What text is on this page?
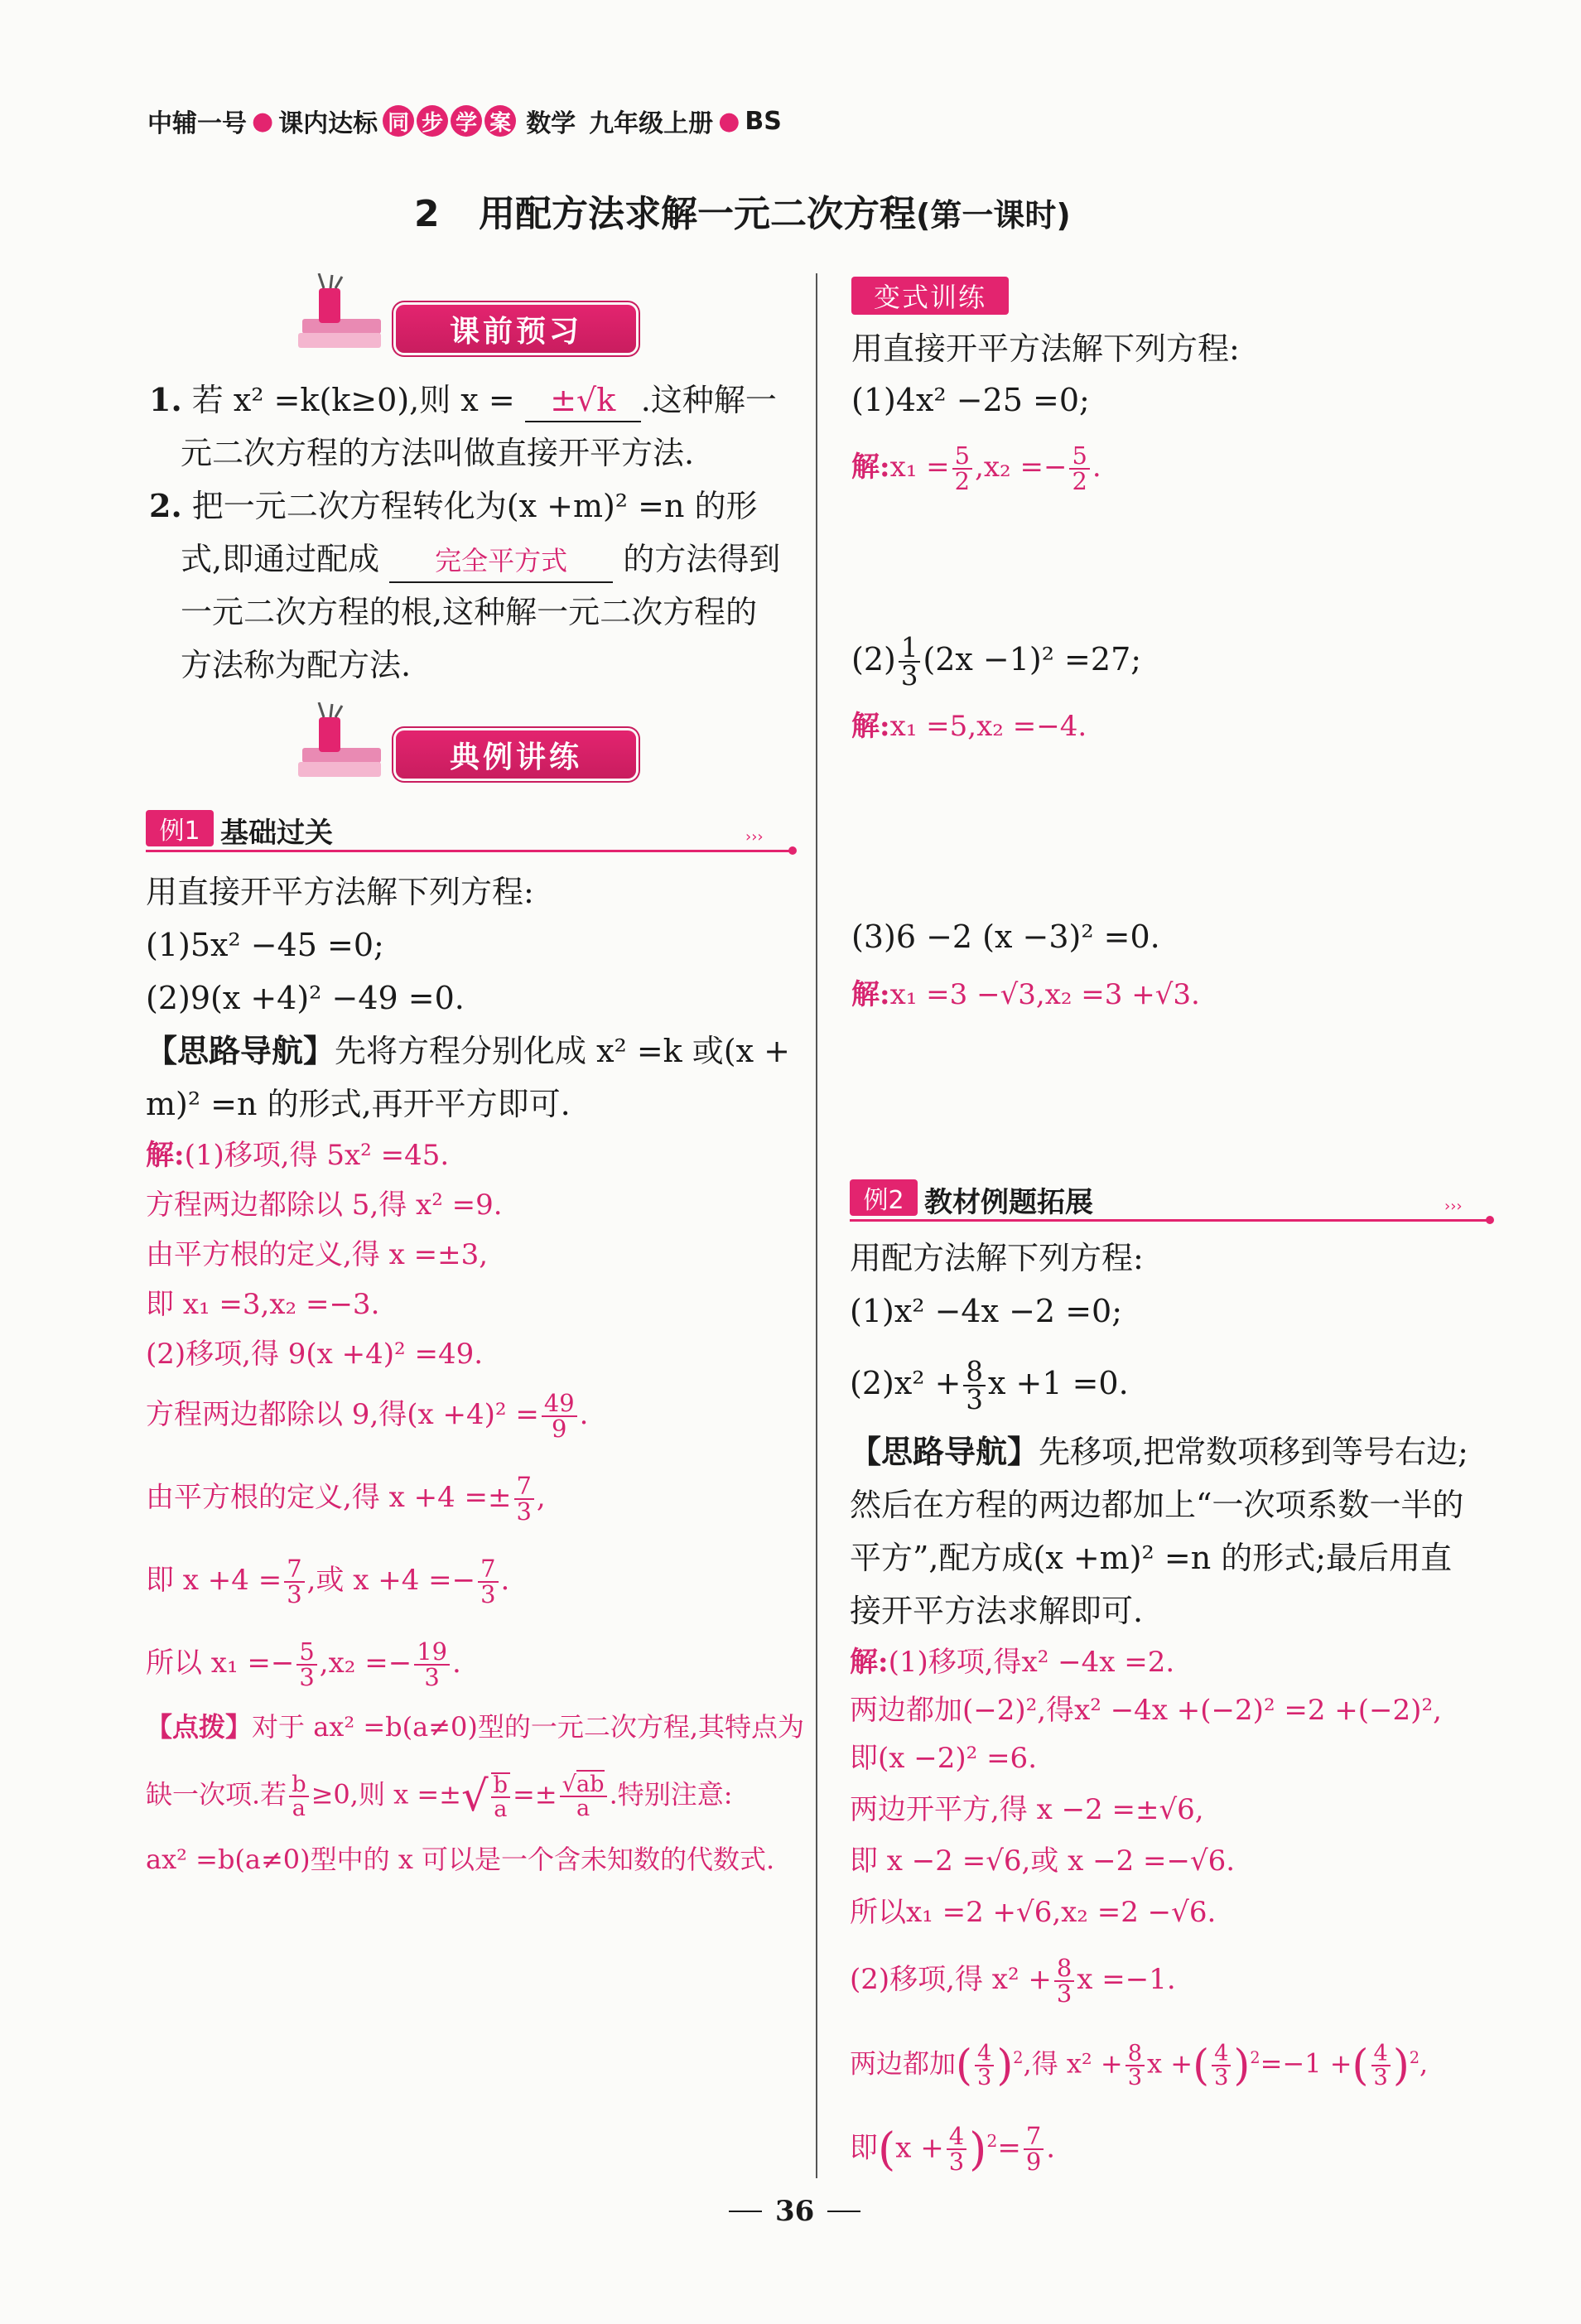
中辅一号 ● 课内达标 同 步 学 案 数学 九年级上册 ● BS
2 用配方法求解一元二次方程(第一课时)
课前预习
1. 若 x² =k(k≥0),则 x = ±√k .这种解一
元二次方程的方法叫做直接开平方法.
2. 把一元二次方程转化为(x +m)² =n 的形
式,即通过配成 完全平方式 的方法得到
一元二次方程的根,这种解一元二次方程的
方法称为配方法.
典例讲练
例1 基础过关	›››
用直接开平方法解下列方程:
(1)5x² −45 =0;
(2)9(x +4)² −49 =0.
【思路导航】先将方程分别化成 x² =k 或(x +
m)² =n 的形式,再开平方即可.
解:(1)移项,得 5x² =45.
方程两边都除以 5,得 x² =9.
由平方根的定义,得 x =±3,
即 x₁ =3,x₂ =−3.
(2)移项,得 9(x +4)² =49.
方程两边都除以 9,得$(x +4)^2 = \frac{49}{9}$ .
由平方根的定义,得 $x +4 =\pm \frac{7}{3}$ ,
即 $x +4 = \frac{7}{3}$ ,或 $x +4 =- \frac{7}{3}$ .
所以 $x_1 =- \frac{5}{3} ,x_2 =- \frac{19}{3}$ .
【点拨】对于 ax² =b(a≠0)型的一元二次方程,其特点为
缺一次项.若 $\frac{b}{a} \ge 0$,则 x =±√ $\frac{b}{a} =\pm \frac{√ab}{a}$ .特别注意:
ax² =b(a≠0)型中的 x 可以是一个含未知数的代数式.
变式训练
用直接开平方法解下列方程:
(1)4x² −25 =0;
解:x₁ = $\frac{5}{2} ,x_2 =- \frac{5}{2}$ .
$(2) \frac{1}{3} (2x -1)^2 =27$;
解:x₁ =5,x₂ =−4.
(3)6 −2 (x −3)² =0.
解:x₁ =3 −√3,x₂ =3 +√3.
例2 教材例题拓展	›››
用配方法解下列方程:
(1)x² −4x −2 =0;
$(2)x^2 + \frac{8}{3}$ x +1 =0.
【思路导航】先移项,把常数项移到等号右边;
然后在方程的两边都加上“一次项系数一半的
平方”,配方成(x +m)² =n 的形式;最后用直
接开平方法求解即可.
解:(1)移项,得x² −4x =2.
两边都加(−2)²,得x² −4x +(−2)² =2 +(−2)²,
即(x −2)² =6.
两边开平方,得 x −2 =±√6,
即 x −2 =√6,或 x −2 =−√6.
所以x₁ =2 +√6,x₂ =2 −√6.
(2)移项,得 $x^2 + \frac{8}{3}$ x =−1.
两边都加( $\frac{4}{3} )^2$,得 $x^2 + \frac{8}{3}$ x +( $\frac{4}{3} )^2=-1$ +( $\frac{4}{3} )^2$,
即$(x + \frac{4}{3} )^2= \frac{7}{9}$ .
36
